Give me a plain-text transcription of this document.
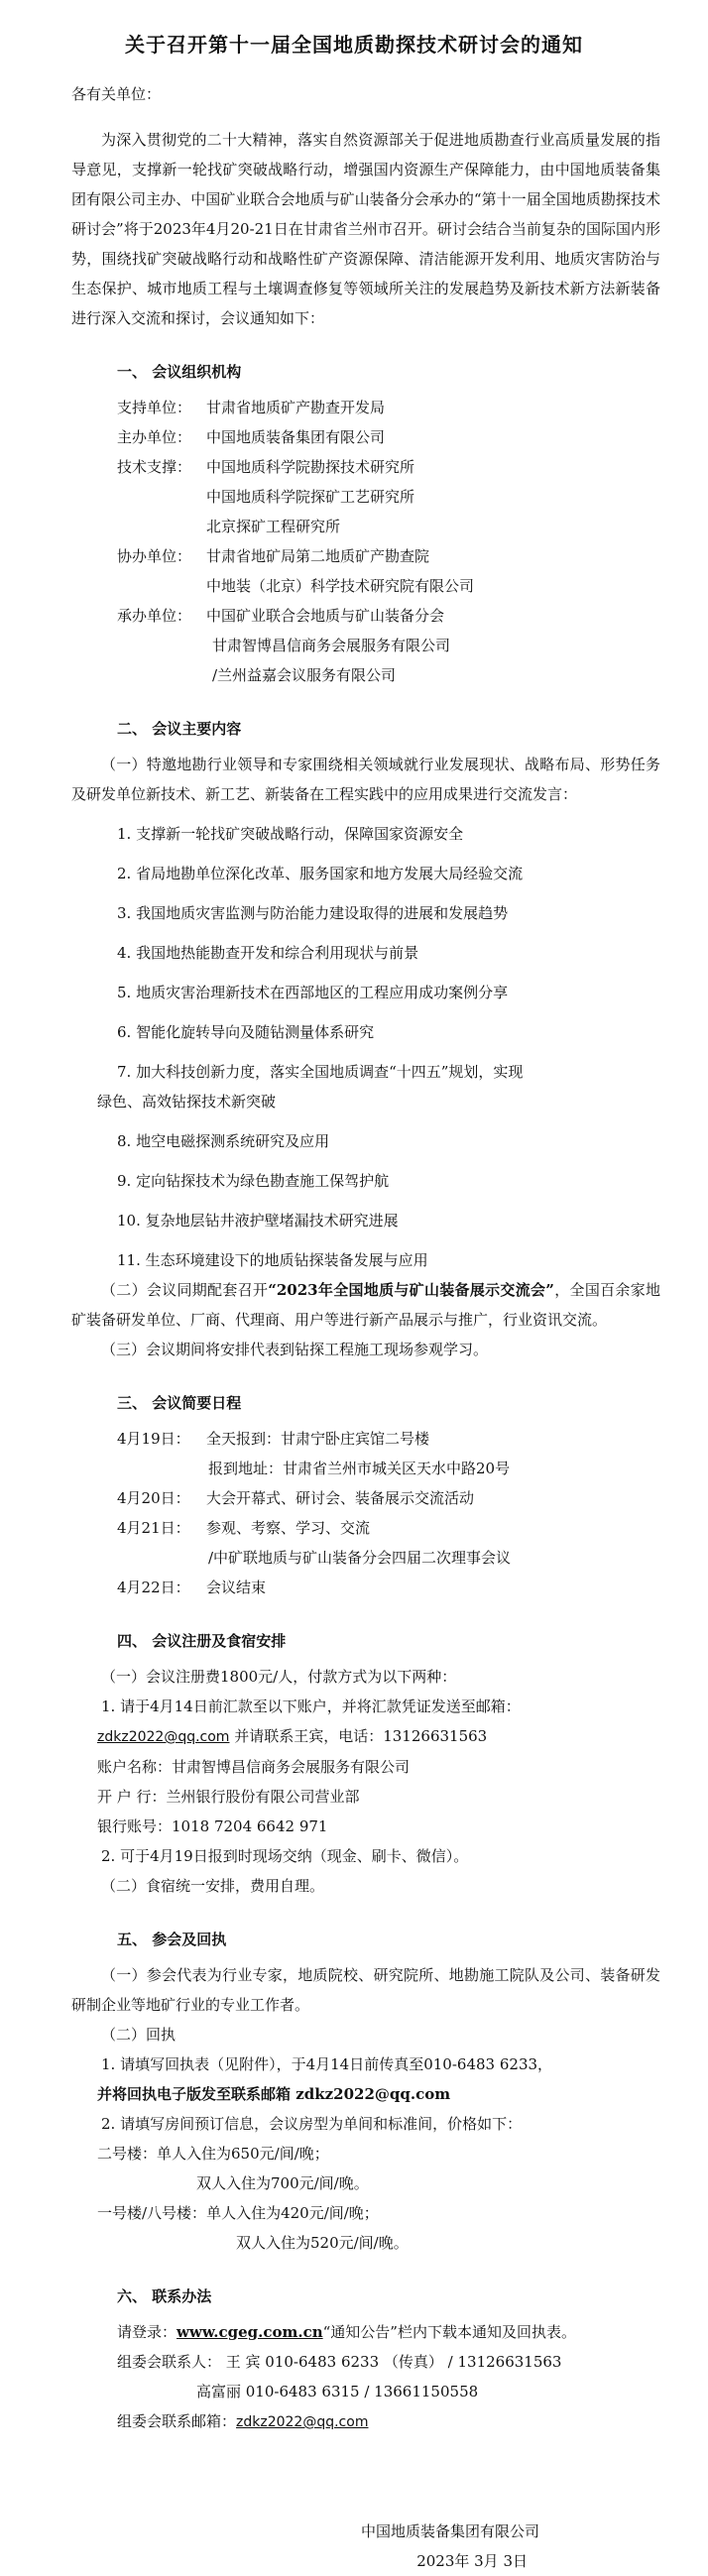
关于召开第十一届全国地质勘探技术研讨会的通知

各有关单位：

为深入贯彻党的二十大精神，落实自然资源部关于促进地质勘查行业高质量发展的指导意见，支撑新一轮找矿突破战略行动，增强国内资源生产保障能力，由中国地质装备集团有限公司主办、中国矿业联合会地质与矿山装备分会承办的“第十一届全国地质勘探技术研讨会”将于2023年4月20-21日在甘肃省兰州市召开。研讨会结合当前复杂的国际国内形势，围绕找矿突破战略行动和战略性矿产资源保障、清洁能源开发利用、地质灾害防治与生态保护、城市地质工程与土壤调查修复等领域所关注的发展趋势及新技术新方法新装备进行深入交流和探讨，会议通知如下：

一、 会议组织机构

支持单位： 甘肃省地质矿产勘查开发局
主办单位： 中国地质装备集团有限公司
技术支撑： 中国地质科学院勘探技术研究所

中国地质科学院探矿工艺研究所

北京探矿工程研究所

协办单位： 甘肃省地矿局第二地质矿产勘查院

中地装（北京）科学技术研究院有限公司

承办单位： 中国矿业联合会地质与矿山装备分会

甘肃智博昌信商务会展服务有限公司

/兰州益嘉会议服务有限公司

二、 会议主要内容

（一）特邀地勘行业领导和专家围绕相关领域就行业发展现状、战略布局、形势任务及研发单位新技术、新工艺、新装备在工程实践中的应用成果进行交流发言：

1. 支撑新一轮找矿突破战略行动，保障国家资源安全

2. 省局地勘单位深化改革、服务国家和地方发展大局经验交流

3. 我国地质灾害监测与防治能力建设取得的进展和发展趋势

4. 我国地热能勘查开发和综合利用现状与前景

5. 地质灾害治理新技术在西部地区的工程应用成功案例分享

6. 智能化旋转导向及随钻测量体系研究

7. 加大科技创新力度，落实全国地质调查“十四五”规划，实现

绿色、高效钻探技术新突破

8. 地空电磁探测系统研究及应用

9. 定向钻探技术为绿色勘查施工保驾护航

10. 复杂地层钻井液护壁堵漏技术研究进展

11. 生态环境建设下的地质钻探装备发展与应用

（二）会议同期配套召开“2023年全国地质与矿山装备展示交流会”，全国百余家地矿装备研发单位、厂商、代理商、用户等进行新产品展示与推广，行业资讯交流。

（三）会议期间将安排代表到钻探工程施工现场参观学习。

三、 会议简要日程

4月19日：	全天报到：甘肃宁卧庄宾馆二号楼

报到地址：甘肃省兰州市城关区天水中路20号

4月20日：	大会开幕式、研讨会、装备展示交流活动
4月21日：	参观、考察、学习、交流

/中矿联地质与矿山装备分会四届二次理事会议

4月22日：	会议结束

四、 会议注册及食宿安排

（一）会议注册费1800元/人，付款方式为以下两种：

1. 请于4月14日前汇款至以下账户，并将汇款凭证发送至邮箱：

zdkz2022@qq.com 并请联系王宾，电话：13126631563

账户名称：甘肃智博昌信商务会展服务有限公司

开 户 行：兰州银行股份有限公司营业部

银行账号：1018 7204 6642 971

2. 可于4月19日报到时现场交纳（现金、刷卡、微信）。

（二）食宿统一安排，费用自理。

五、 参会及回执

（一）参会代表为行业专家，地质院校、研究院所、地勘施工院队及公司、装备研发研制企业等地矿行业的专业工作者。

（二）回执

1. 请填写回执表（见附件），于4月14日前传真至010-6483 6233，

并将回执电子版发至联系邮箱 zdkz2022@qq.com

2. 请填写房间预订信息，会议房型为单间和标准间，价格如下：

二号楼：单人入住为650元/间/晚；

双人入住为700元/间/晚。

一号楼/八号楼：单人入住为420元/间/晚；

双人入住为520元/间/晚。

六、 联系办法

请登录：www.cgeg.com.cn“通知公告”栏内下载本通知及回执表。

组委会联系人： 王 宾 010-6483 6233 （传真） / 13126631563

高富丽 010-6483 6315 / 13661150558

组委会联系邮箱：zdkz2022@qq.com

中国地质装备集团有限公司

2023年 3月 3日
